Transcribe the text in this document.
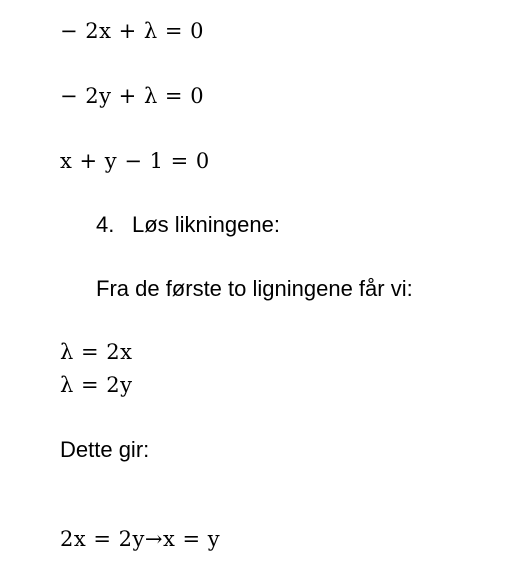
− 2x + λ = 0
− 2y + λ = 0
x + y − 1 = 0
4. Løs likningene:
Fra de første to ligningene får vi:
λ = 2x
λ = 2y
Dette gir:
2x = 2y→x = y
